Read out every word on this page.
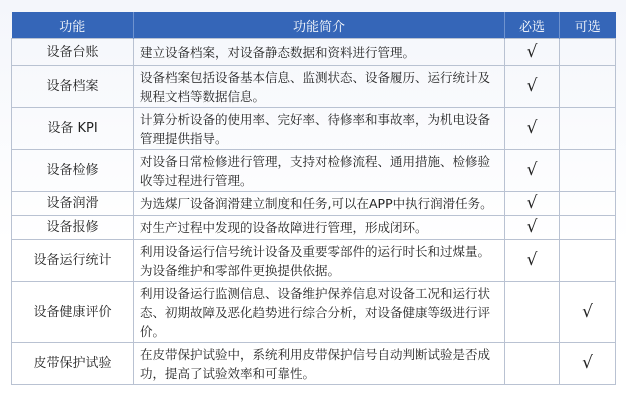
功能	功能简介	必选	可选
设备台账	建立设备档案，对设备静态数据和资料进行管理。	√	
设备档案	设备档案包括设备基本信息、监测状态、设备履历、运行统计及规程文档等数据信息。	√	
设备 KPI	计算分析设备的使用率、完好率、待修率和事故率，为机电设备管理提供指导。	√	
设备检修	对设备日常检修进行管理，支持对检修流程、通用措施、检修验收等过程进行管理。	√	
设备润滑	为选煤厂设备润滑建立制度和任务,可以在APP中执行润滑任务。	√	
设备报修	对生产过程中发现的设备故障进行管理，形成闭环。	√	
设备运行统计	利用设备运行信号统计设备及重要零部件的运行时长和过煤量。为设备维护和零部件更换提供依据。	√	
设备健康评价	利用设备运行监测信息、设备维护保养信息对设备工况和运行状态、初期故障及恶化趋势进行综合分析，对设备健康等级进行评价。		√
皮带保护试验	在皮带保护试验中，系统利用皮带保护信号自动判断试验是否成功，提高了试验效率和可靠性。		√
